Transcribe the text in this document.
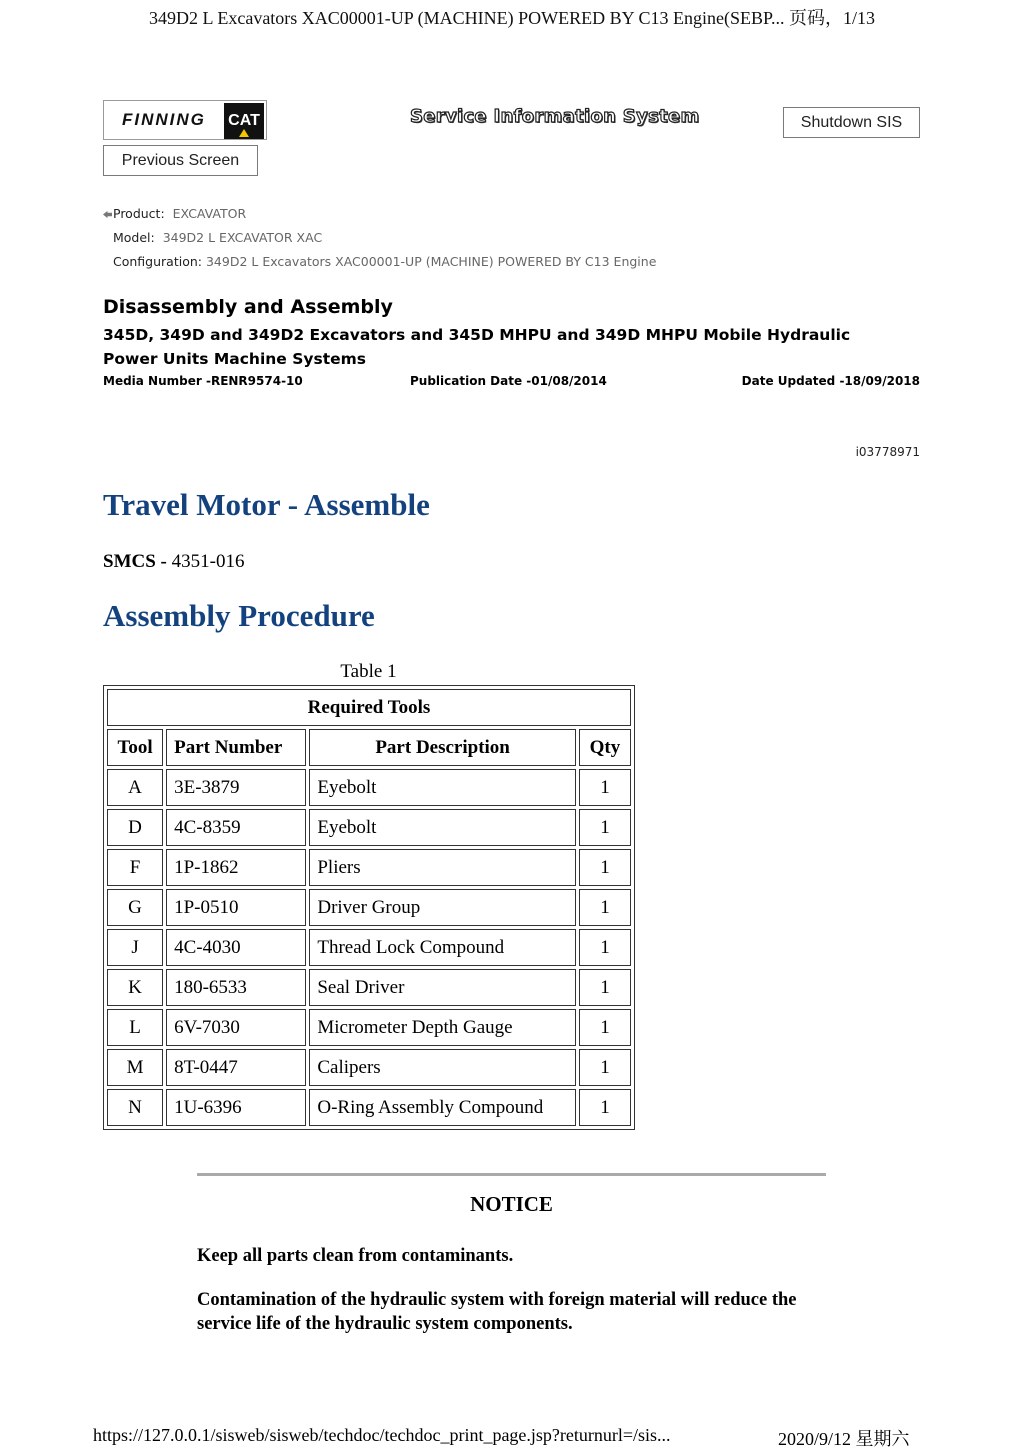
349D2 L Excavators XAC00001-UP (MACHINE) POWERED BY C13 Engine(SEBP... 页码，1/13
FINNING CAT	Service Information System	Shutdown SIS
Previous Screen
Product: EXCAVATOR
Model: 349D2 L EXCAVATOR XAC
Configuration: 349D2 L Excavators XAC00001-UP (MACHINE) POWERED BY C13 Engine
Disassembly and Assembly
345D, 349D and 349D2 Excavators and 345D MHPU and 349D MHPU Mobile Hydraulic Power Units Machine Systems
Media Number -RENR9574-10	Publication Date -01/08/2014	Date Updated -18/09/2018
i03778971
Travel Motor - Assemble
SMCS - 4351-016
Assembly Procedure
Table 1
Required Tools			
Tool	Part Number	Part Description	Qty
A	3E-3879	Eyebolt	1
D	4C-8359	Eyebolt	1
F	1P-1862	Pliers	1
G	1P-0510	Driver Group	1
J	4C-4030	Thread Lock Compound	1
K	180-6533	Seal Driver	1
L	6V-7030	Micrometer Depth Gauge	1
M	8T-0447	Calipers	1
N	1U-6396	O-Ring Assembly Compound	1
NOTICE
Keep all parts clean from contaminants.
Contamination of the hydraulic system with foreign material will reduce the service life of the hydraulic system components.
https://127.0.0.1/sisweb/sisweb/techdoc/techdoc_print_page.jsp?returnurl=/sis...	2020/9/12 星期六
